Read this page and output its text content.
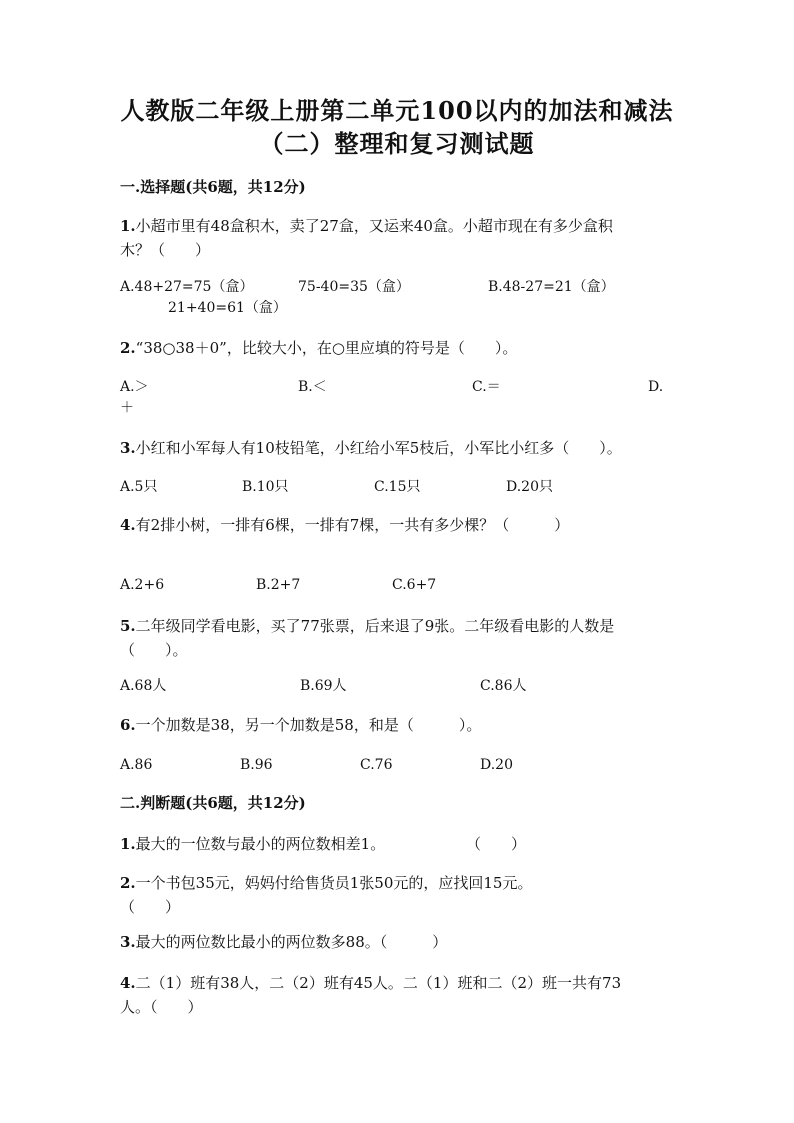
人教版二年级上册第二单元100以内的加法和减法
（二）整理和复习测试题
一.选择题(共6题，共12分)
1.小超市里有48盒积木，卖了27盒，又运来40盒。小超市现在有多少盒积
木？（　　）
A.48+27=75（盒）	75-40=35（盒）	B.48-27=21（盒）
21+40=61（盒）
2.“38○38＋0”，比较大小，在○里应填的符号是（　　）。
A.＞	B.＜	C.＝	D.
＋
3.小红和小军每人有10枝铅笔，小红给小军5枝后，小军比小红多（　　）。
A.5只	B.10只	C.15只	D.20只
4.有2排小树，一排有6棵，一排有7棵，一共有多少棵？（　　　）
A.2+6	B.2+7	C.6+7
5.二年级同学看电影，买了77张票，后来退了9张。二年级看电影的人数是
（　　）。
A.68人	B.69人	C.86人
6.一个加数是38，另一个加数是58，和是（　　　）。
A.86	B.96	C.76	D.20
二.判断题(共6题，共12分)
1.最大的一位数与最小的两位数相差1。	（　　）
2.一个书包35元，妈妈付给售货员1张50元的，应找回15元。
（　　）
3.最大的两位数比最小的两位数多88。（　　　）
4.二（1）班有38人，二（2）班有45人。二（1）班和二（2）班一共有73
人。（　　）
